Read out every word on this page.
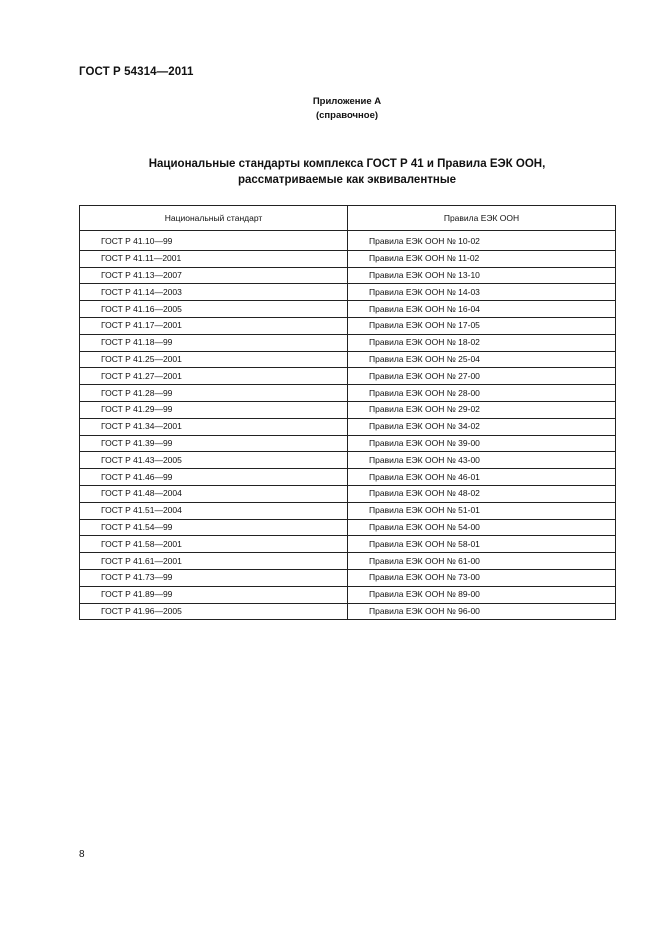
ГОСТ Р 54314—2011
Приложение А
(справочное)
Национальные стандарты комплекса ГОСТ Р 41 и Правила ЕЭК ООН,
рассматриваемые как эквивалентные
Национальный стандарт	Правила ЕЭК ООН
ГОСТ Р 41.10—99	Правила ЕЭК ООН № 10-02
ГОСТ Р 41.11—2001	Правила ЕЭК ООН № 11-02
ГОСТ Р 41.13—2007	Правила ЕЭК ООН № 13-10
ГОСТ Р 41.14—2003	Правила ЕЭК ООН № 14-03
ГОСТ Р 41.16—2005	Правила ЕЭК ООН № 16-04
ГОСТ Р 41.17—2001	Правила ЕЭК ООН № 17-05
ГОСТ Р 41.18—99	Правила ЕЭК ООН № 18-02
ГОСТ Р 41.25—2001	Правила ЕЭК ООН № 25-04
ГОСТ Р 41.27—2001	Правила ЕЭК ООН № 27-00
ГОСТ Р 41.28—99	Правила ЕЭК ООН № 28-00
ГОСТ Р 41.29—99	Правила ЕЭК ООН № 29-02
ГОСТ Р 41.34—2001	Правила ЕЭК ООН № 34-02
ГОСТ Р 41.39—99	Правила ЕЭК ООН № 39-00
ГОСТ Р 41.43—2005	Правила ЕЭК ООН № 43-00
ГОСТ Р 41.46—99	Правила ЕЭК ООН № 46-01
ГОСТ Р 41.48—2004	Правила ЕЭК ООН № 48-02
ГОСТ Р 41.51—2004	Правила ЕЭК ООН № 51-01
ГОСТ Р 41.54—99	Правила ЕЭК ООН № 54-00
ГОСТ Р 41.58—2001	Правила ЕЭК ООН № 58-01
ГОСТ Р 41.61—2001	Правила ЕЭК ООН № 61-00
ГОСТ Р 41.73—99	Правила ЕЭК ООН № 73-00
ГОСТ Р 41.89—99	Правила ЕЭК ООН № 89-00
ГОСТ Р 41.96—2005	Правила ЕЭК ООН № 96-00
8
